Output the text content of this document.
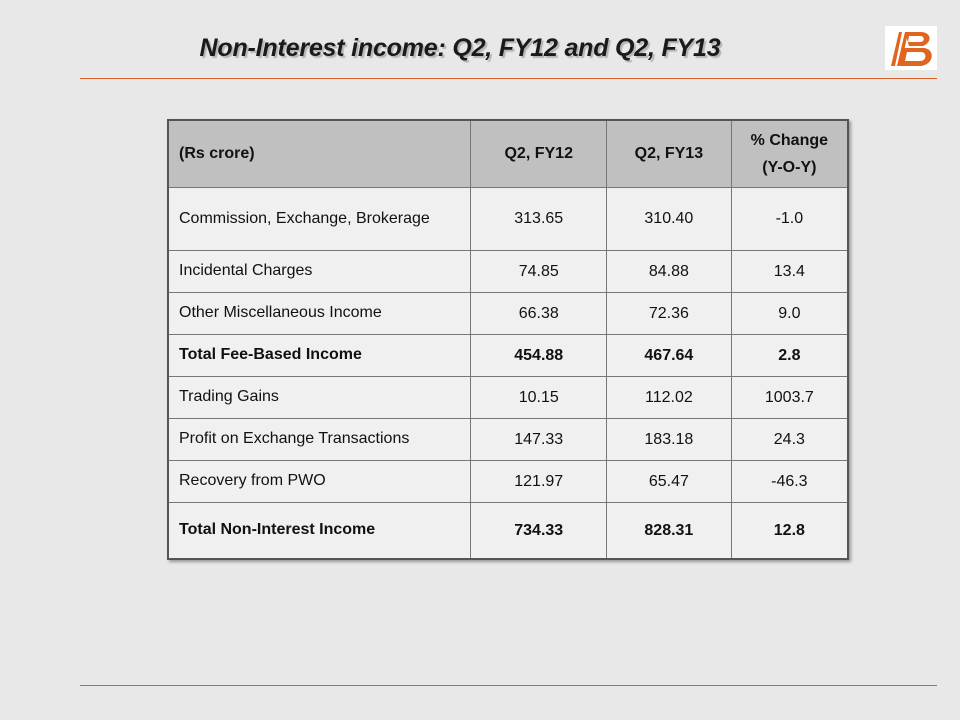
Non-Interest income: Q2, FY12 and Q2, FY13
(Rs crore)	Q2, FY12	Q2, FY13	% Change
(Y-O-Y)

Commission, Exchange, Brokerage	313.65	310.40	-1.0
Incidental Charges	74.85	84.88	13.4
Other Miscellaneous Income	66.38	72.36	9.0
Total Fee-Based Income	454.88	467.64	2.8
Trading Gains	10.15	112.02	1003.7
Profit on Exchange Transactions	147.33	183.18	24.3
Recovery from PWO	121.97	65.47	-46.3
Total Non-Interest Income	734.33	828.31	12.8
